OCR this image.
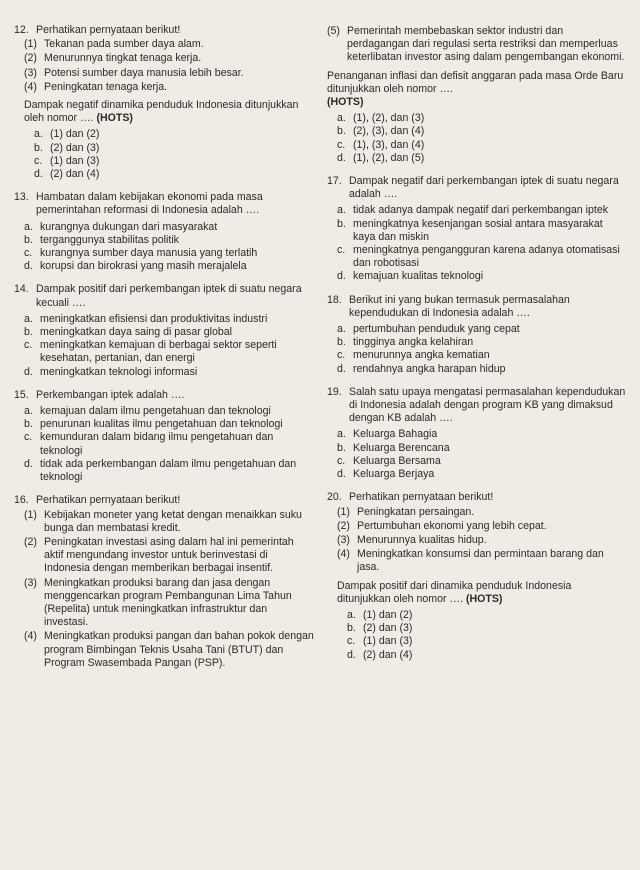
12. Perhatikan pernyataan berikut!
(1) Tekanan pada sumber daya alam.
(2) Menurunnya tingkat tenaga kerja.
(3) Potensi sumber daya manusia lebih besar.
(4) Peningkatan tenaga kerja.
Dampak negatif dinamika penduduk Indonesia ditunjukkan oleh nomor …. (HOTS)
a. (1) dan (2)
b. (2) dan (3)
c. (1) dan (3)
d. (2) dan (4)
13. Hambatan dalam kebijakan ekonomi pada masa pemerintahan reformasi di Indonesia adalah ….
a. kurangnya dukungan dari masyarakat
b. terganggunya stabilitas politik
c. kurangnya sumber daya manusia yang terlatih
d. korupsi dan birokrasi yang masih merajalela
14. Dampak positif dari perkembangan iptek di suatu negara kecuali ….
a. meningkatkan efisiensi dan produktivitas industri
b. meningkatkan daya saing di pasar global
c. meningkatkan kemajuan di berbagai sektor seperti kesehatan, pertanian, dan energi
d. meningkatkan teknologi informasi
15. Perkembangan iptek adalah ….
a. kemajuan dalam ilmu pengetahuan dan teknologi
b. penurunan kualitas ilmu pengetahuan dan teknologi
c. kemunduran dalam bidang ilmu pengetahuan dan teknologi
d. tidak ada perkembangan dalam ilmu pengetahuan dan teknologi
16. Perhatikan pernyataan berikut!
(1) Kebijakan moneter yang ketat dengan menaikkan suku bunga dan membatasi kredit.
(2) Peningkatan investasi asing dalam hal ini pemerintah aktif mengundang investor untuk berinvestasi di Indonesia dengan memberikan berbagai insentif.
(3) Meningkatkan produksi barang dan jasa dengan menggencarkan program Pembangunan Lima Tahun (Repelita) untuk meningkatkan infrastruktur dan investasi.
(4) Meningkatkan produksi pangan dan bahan pokok dengan program Bimbingan Teknis Usaha Tani (BTUT) dan Program Swasembada Pangan (PSP).
(5) Pemerintah membebaskan sektor industri dan perdagangan dari regulasi serta restriksi dan memperluas keterlibatan investor asing dalam pengembangan ekonomi.
Penanganan inflasi dan defisit anggaran pada masa Orde Baru ditunjukkan oleh nomor ….
(HOTS)
a. (1), (2), dan (3)
b. (2), (3), dan (4)
c. (1), (3), dan (4)
d. (1), (2), dan (5)
17. Dampak negatif dari perkembangan iptek di suatu negara adalah ….
a. tidak adanya dampak negatif dari perkembangan iptek
b. meningkatnya kesenjangan sosial antara masyarakat kaya dan miskin
c. meningkatnya pengangguran karena adanya otomatisasi dan robotisasi
d. kemajuan kualitas teknologi
18. Berikut ini yang bukan termasuk permasalahan kependudukan di Indonesia adalah ….
a. pertumbuhan penduduk yang cepat
b. tingginya angka kelahiran
c. menurunnya angka kematian
d. rendahnya angka harapan hidup
19. Salah satu upaya mengatasi permasalahan kependudukan di Indonesia adalah dengan program KB yang dimaksud dengan KB adalah ….
a. Keluarga Bahagia
b. Keluarga Berencana
c. Keluarga Bersama
d. Keluarga Berjaya
20. Perhatikan pernyataan berikut!
(1) Peningkatan persaingan.
(2) Pertumbuhan ekonomi yang lebih cepat.
(3) Menurunnya kualitas hidup.
(4) Meningkatkan konsumsi dan permintaan barang dan jasa.
Dampak positif dari dinamika penduduk Indonesia ditunjukkan oleh nomor …. (HOTS)
a. (1) dan (2)
b. (2) dan (3)
c. (1) dan (3)
d. (2) dan (4)
